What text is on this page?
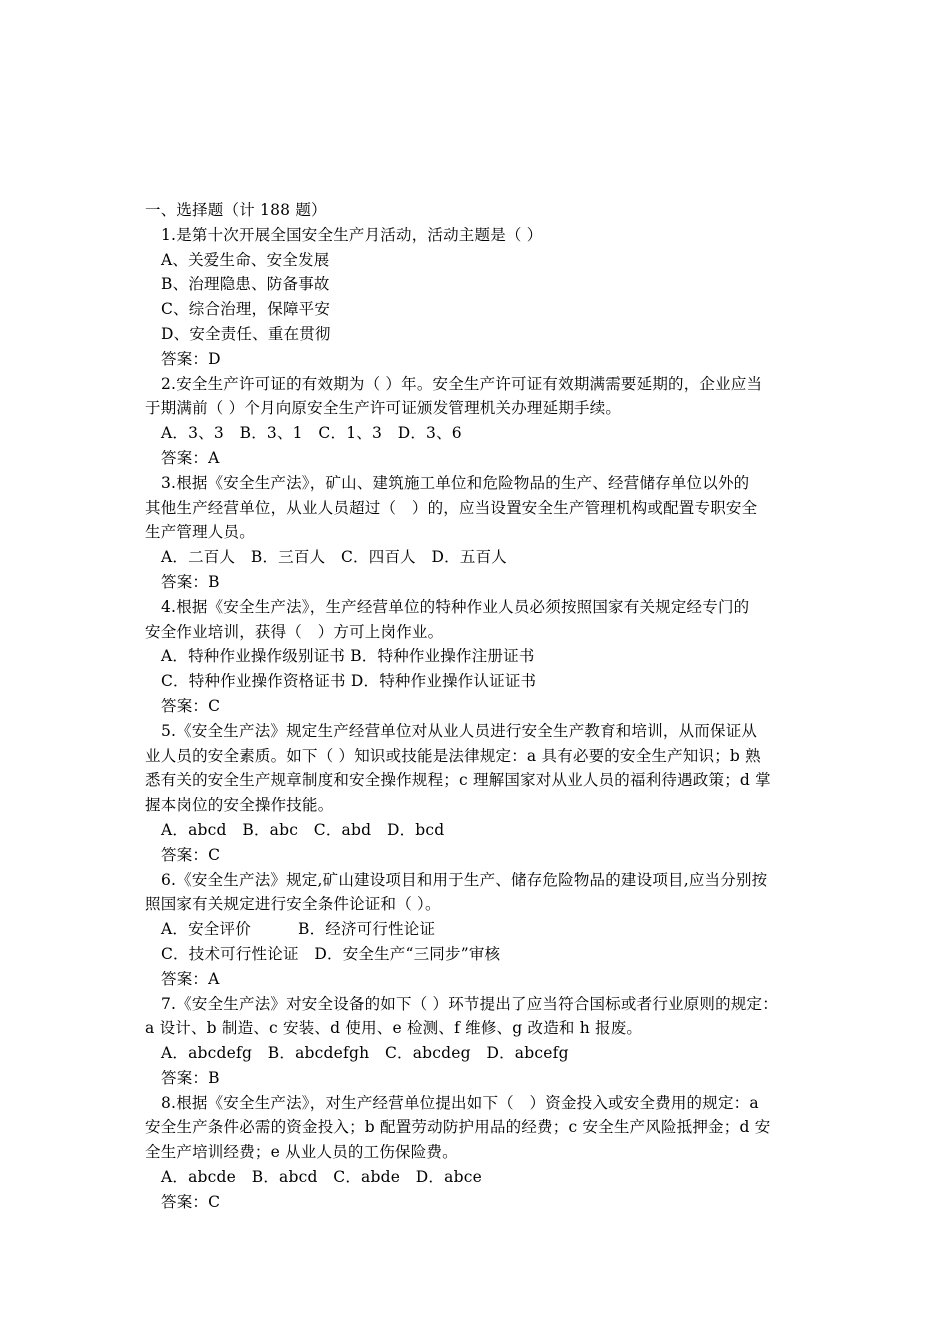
一、选择题（计 188 题）
1.是第十次开展全国安全生产月活动，活动主题是（ ）
A、关爱生命、安全发展
B、治理隐患、防备事故
C、综合治理，保障平安
D、安全责任、重在贯彻
答案：D
2.安全生产许可证的有效期为（ ）年。安全生产许可证有效期满需要延期的，企业应当
于期满前（ ）个月向原安全生产许可证颁发管理机关办理延期手续。
A．3、3　B．3、1　C．1、3　D．3、6
答案：A
3.根据《安全生产法》，矿山、建筑施工单位和危险物品的生产、经营储存单位以外的
其他生产经营单位，从业人员超过（　）的，应当设置安全生产管理机构或配置专职安全
生产管理人员。
A．二百人　B．三百人　C．四百人　D．五百人
答案：B
4.根据《安全生产法》，生产经营单位的特种作业人员必须按照国家有关规定经专门的
安全作业培训，获得（　）方可上岗作业。
A．特种作业操作级别证书 B．特种作业操作注册证书
C．特种作业操作资格证书 D．特种作业操作认证证书
答案：C
5.《安全生产法》规定生产经营单位对从业人员进行安全生产教育和培训，从而保证从
业人员的安全素质。如下（ ）知识或技能是法律规定：a 具有必要的安全生产知识；b 熟
悉有关的安全生产规章制度和安全操作规程；c 理解国家对从业人员的福利待遇政策；d 掌
握本岗位的安全操作技能。
A．abcd　B．abc　C．abd　D．bcd
答案：C
6.《安全生产法》规定,矿山建设项目和用于生产、储存危险物品的建设项目,应当分别按
照国家有关规定进行安全条件论证和（ ）。
A．安全评价　　　B．经济可行性论证
C．技术可行性论证　D．安全生产“三同步”审核
答案：A
7.《安全生产法》对安全设备的如下（ ）环节提出了应当符合国标或者行业原则的规定：
a 设计、b 制造、c 安装、d 使用、e 检测、f 维修、g 改造和 h 报废。
A．abcdefg　B．abcdefgh　C．abcdeg　D．abcefg
答案：B
8.根据《安全生产法》，对生产经营单位提出如下（　）资金投入或安全费用的规定：a
安全生产条件必需的资金投入；b 配置劳动防护用品的经费；c 安全生产风险抵押金；d 安
全生产培训经费；e 从业人员的工伤保险费。
A．abcde　B．abcd　C．abde　D．abce
答案：C
